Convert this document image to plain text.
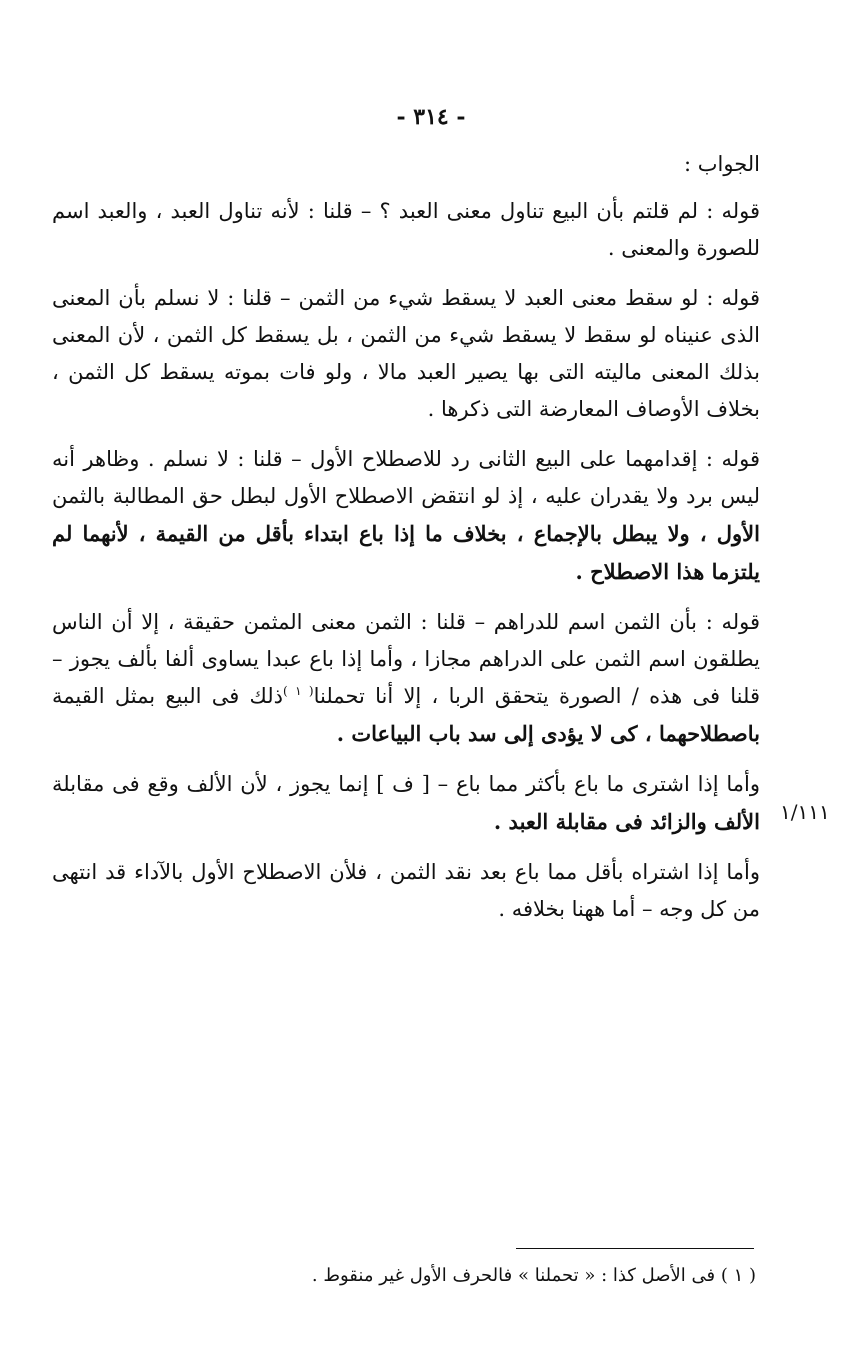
- ٣١٤ -

الجواب :

قوله : لم قلتم بأن البيع تناول معنى العبد ؟ – قلنا : لأنه تناول العبد ، والعبد اسم للصورة والمعنى .

قوله : لو سقط معنى العبد لا يسقط شيء من الثمن – قلنا : لا نسلم بأن المعنى الذى عنيناه لو سقط لا يسقط شيء من الثمن ، بل يسقط كل الثمن ، لأن المعنى بذلك المعنى ماليته التى بها يصير العبد مالا ، ولو فات بموته يسقط كل الثمن ، بخلاف الأوصاف المعارضة التى ذكرها .

قوله : إقدامهما على البيع الثانى رد للاصطلاح الأول – قلنا : لا نسلم . وظاهر أنه ليس برد ولا يقدران عليه ، إذ لو انتقض الاصطلاح الأول لبطل حق المطالبة بالثمن الأول ، ولا يبطل بالإجماع ، بخلاف ما إذا باع ابتداء بأقل من القيمة ، لأنهما لم يلتزما هذا الاصطلاح .

قوله : بأن الثمن اسم للدراهم – قلنا : الثمن معنى المثمن حقيقة ، إلا أن الناس يطلقون اسم الثمن على الدراهم مجازا ، وأما إذا باع عبدا يساوى ألفا بألف يجوز – قلنا فى هذه / الصورة يتحقق الربا ، إلا أنا تحملنا$^{( ١ )}$ذلك فى البيع بمثل القيمة باصطلاحهما ، كى لا يؤدى إلى سد باب البياعات .

وأما إذا اشترى ما باع بأكثر مما باع – [ ف ] إنما يجوز ، لأن الألف وقع فى مقابلة الألف والزائد فى مقابلة العبد .

وأما إذا اشتراه بأقل مما باع بعد نقد الثمن ، فلأن الاصطلاح الأول بالآداء قد انتهى من كل وجه – أما ههنا بخلافه .

١/١١١
( ١ ) فى الأصل كذا : « تحملنا » فالحرف الأول غير منقوط .
